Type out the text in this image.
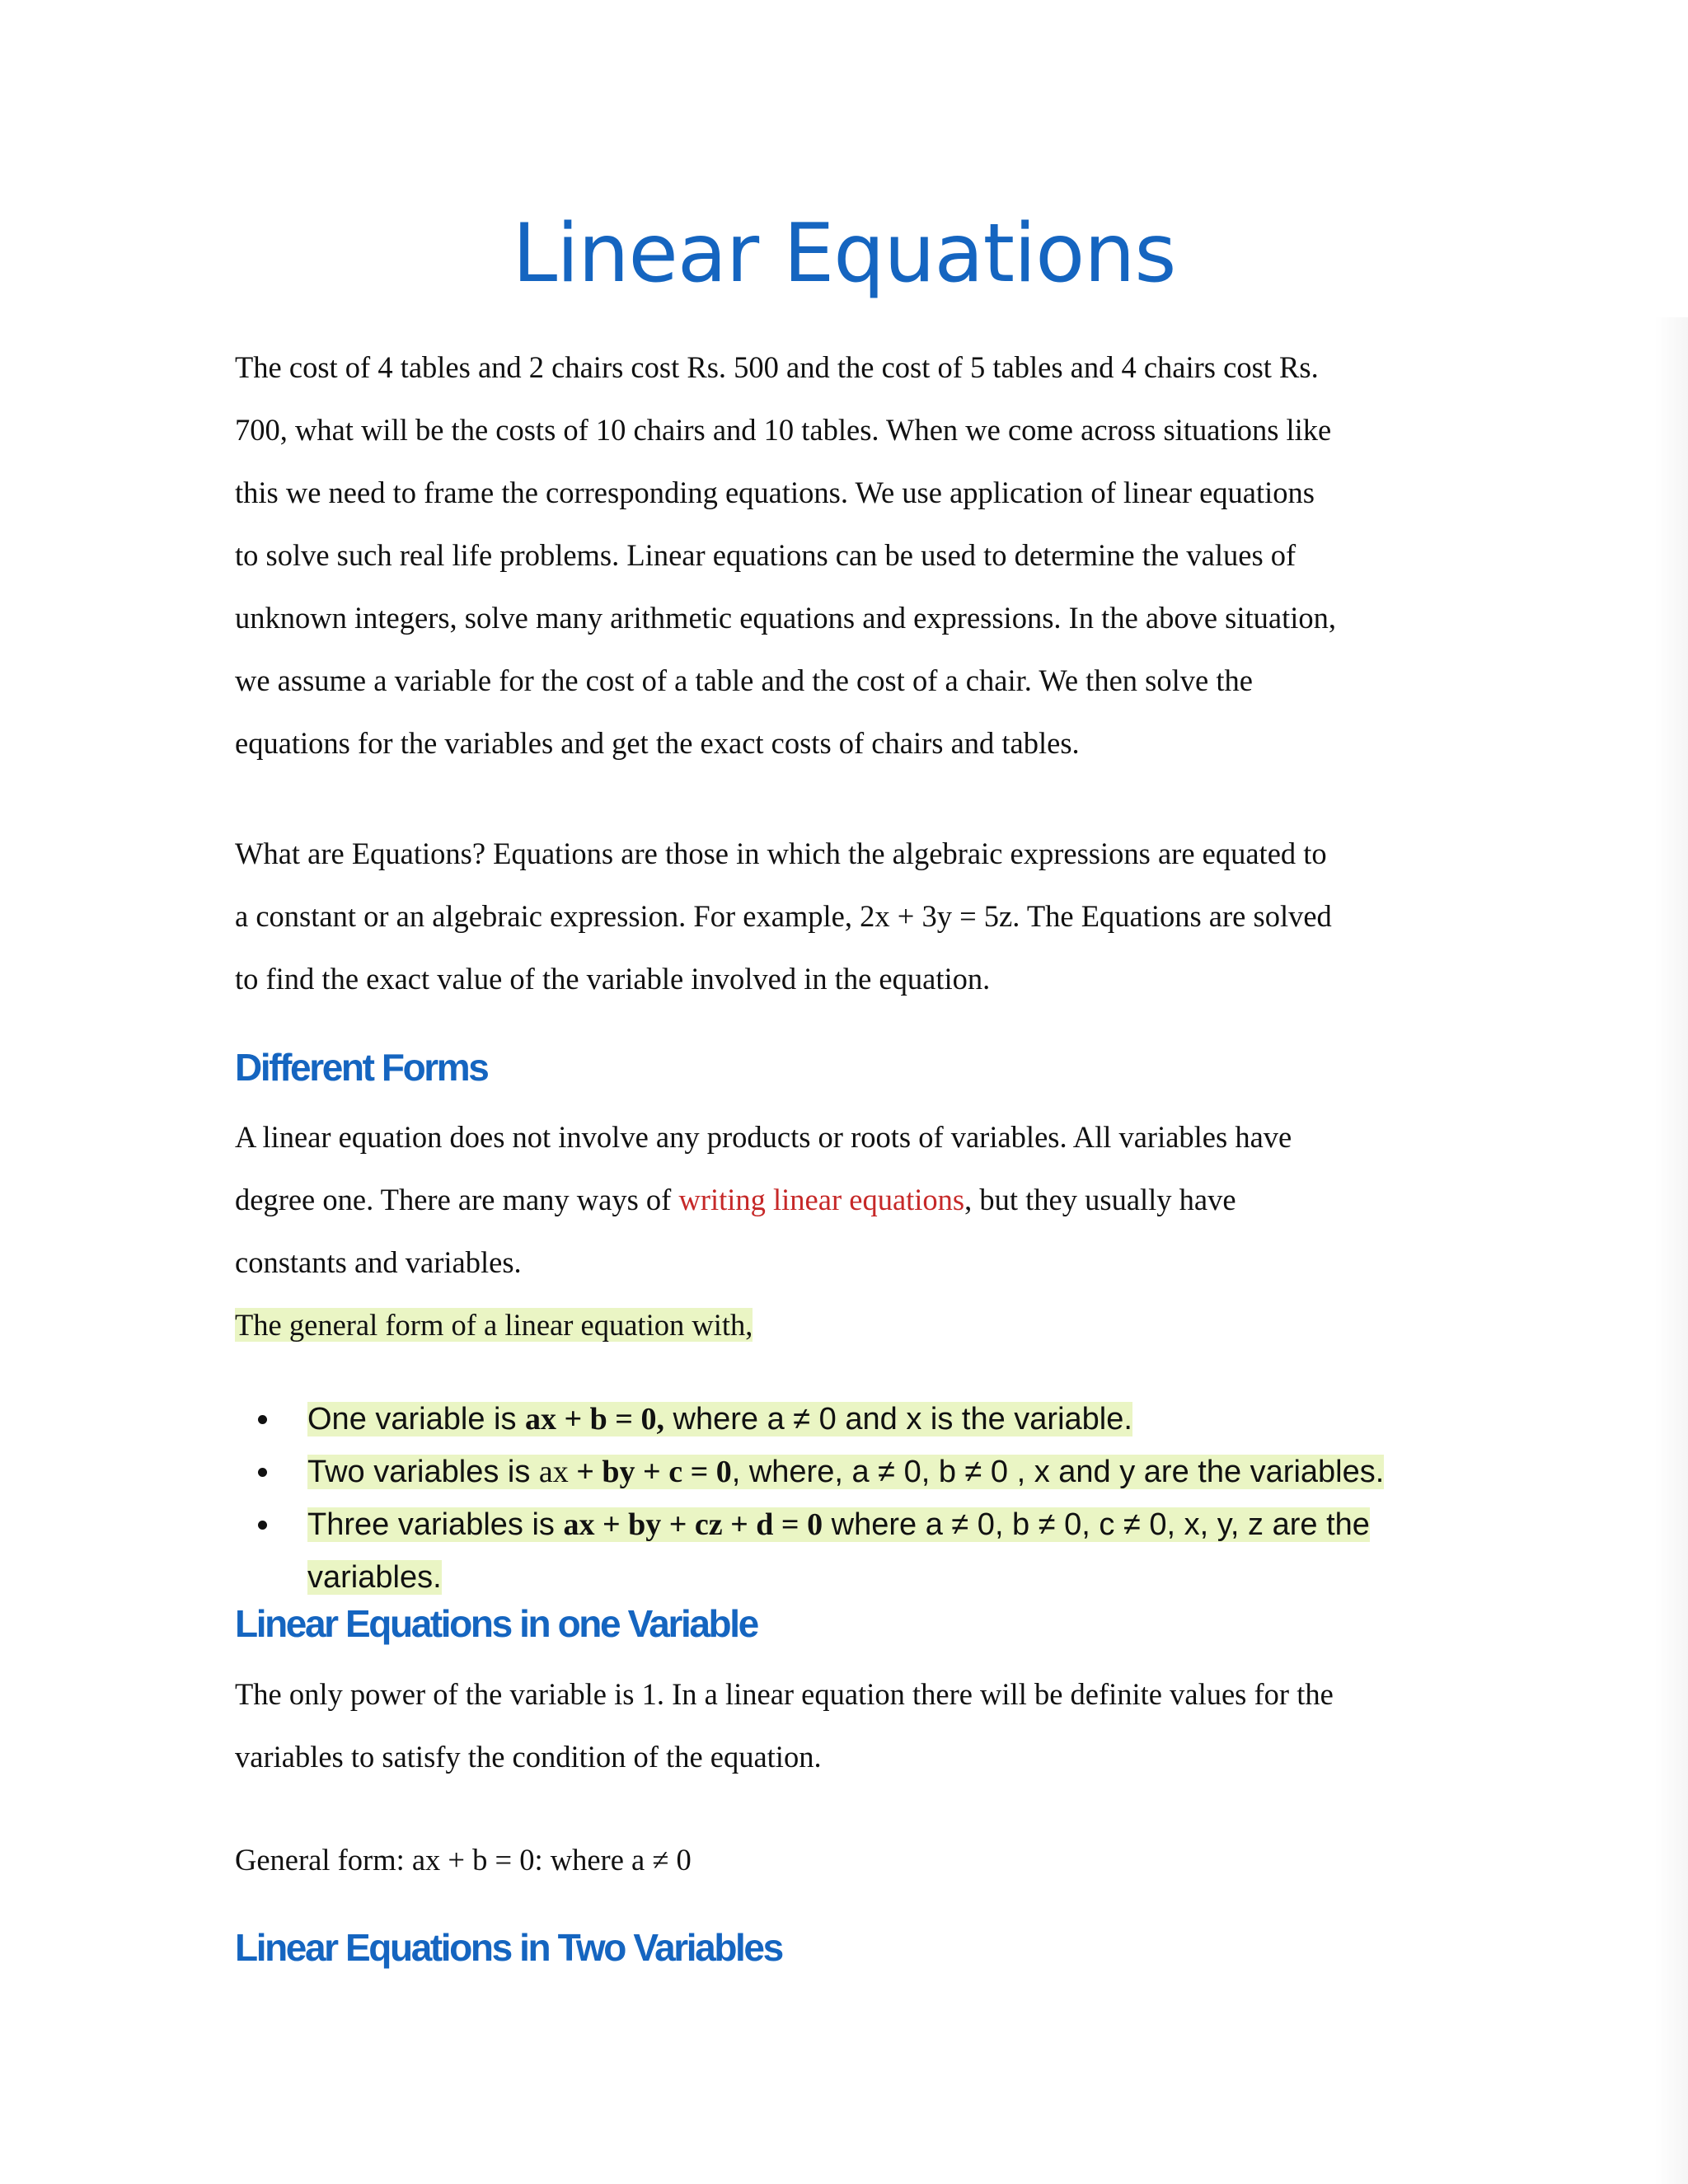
Linear Equations

The cost of 4 tables and 2 chairs cost Rs. 500 and the cost of 5 tables and 4 chairs cost Rs.
700, what will be the costs of 10 chairs and 10 tables. When we come across situations like
this we need to frame the corresponding equations. We use application of linear equations
to solve such real life problems. Linear equations can be used to determine the values of
unknown integers, solve many arithmetic equations and expressions. In the above situation,
we assume a variable for the cost of a table and the cost of a chair. We then solve the
equations for the variables and get the exact costs of chairs and tables.

What are Equations? Equations are those in which the algebraic expressions are equated to
a constant or an algebraic expression. For example, 2x + 3y = 5z. The Equations are solved
to find the exact value of the variable involved in the equation.

Different Forms

A linear equation does not involve any products or roots of variables. All variables have
degree one. There are many ways of writing linear equations, but they usually have
constants and variables.
The general form of a linear equation with,

One variable is ax + b = 0, where a ≠ 0 and x is the variable.
Two variables is ax + by + c = 0, where, a ≠ 0, b ≠ 0 , x and y are the variables.
Three variables is ax + by + cz + d = 0 where a ≠ 0, b ≠ 0, c ≠ 0, x, y, z are the
variables.
Linear Equations in one Variable

The only power of the variable is 1. In a linear equation there will be definite values for the
variables to satisfy the condition of the equation.

General form: ax + b = 0: where a ≠ 0

Linear Equations in Two Variables
